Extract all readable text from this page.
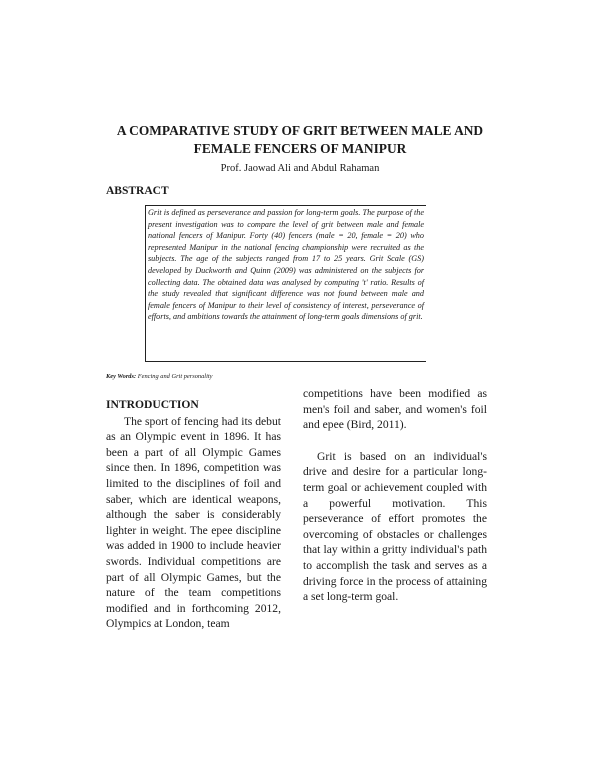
A COMPARATIVE STUDY OF GRIT BETWEEN MALE AND FEMALE FENCERS OF MANIPUR
Prof. Jaowad Ali and Abdul Rahaman
ABSTRACT
Grit is defined as perseverance and passion for long-term goals. The purpose of the present investigation was to compare the level of grit between male and female national fencers of Manipur. Forty (40) fencers (male = 20, female = 20) who represented Manipur in the national fencing championship were recruited as the subjects. The age of the subjects ranged from 17 to 25 years. Grit Scale (GS) developed by Duckworth and Quinn (2009) was administered on the subjects for collecting data. The obtained data was analysed by computing 't' ratio. Results of the study revealed that significant difference was not found between male and female fencers of Manipur to their level of consistency of interest, perseverance of efforts, and ambitions towards the attainment of long-term goals dimensions of grit.
Key Words: Fencing and Grit personality
INTRODUCTION

The sport of fencing had its debut as an Olympic event in 1896. It has been a part of all Olympic Games since then. In 1896, competition was limited to the disciplines of foil and saber, which are identical weapons, although the saber is considerably lighter in weight. The epee discipline was added in 1900 to include heavier swords. Individual competitions are part of all Olympic Games, but the nature of the team competitions modified and in forthcoming 2012, Olympics at London, team

competitions have been modified as men's foil and saber, and women's foil and epee (Bird, 2011).

Grit is based on an individual's drive and desire for a particular long-term goal or achievement coupled with a powerful motivation. This perseverance of effort promotes the overcoming of obstacles or challenges that lay within a gritty individual's path to accomplish the task and serves as a driving force in the process of attaining a set long-term goal.
